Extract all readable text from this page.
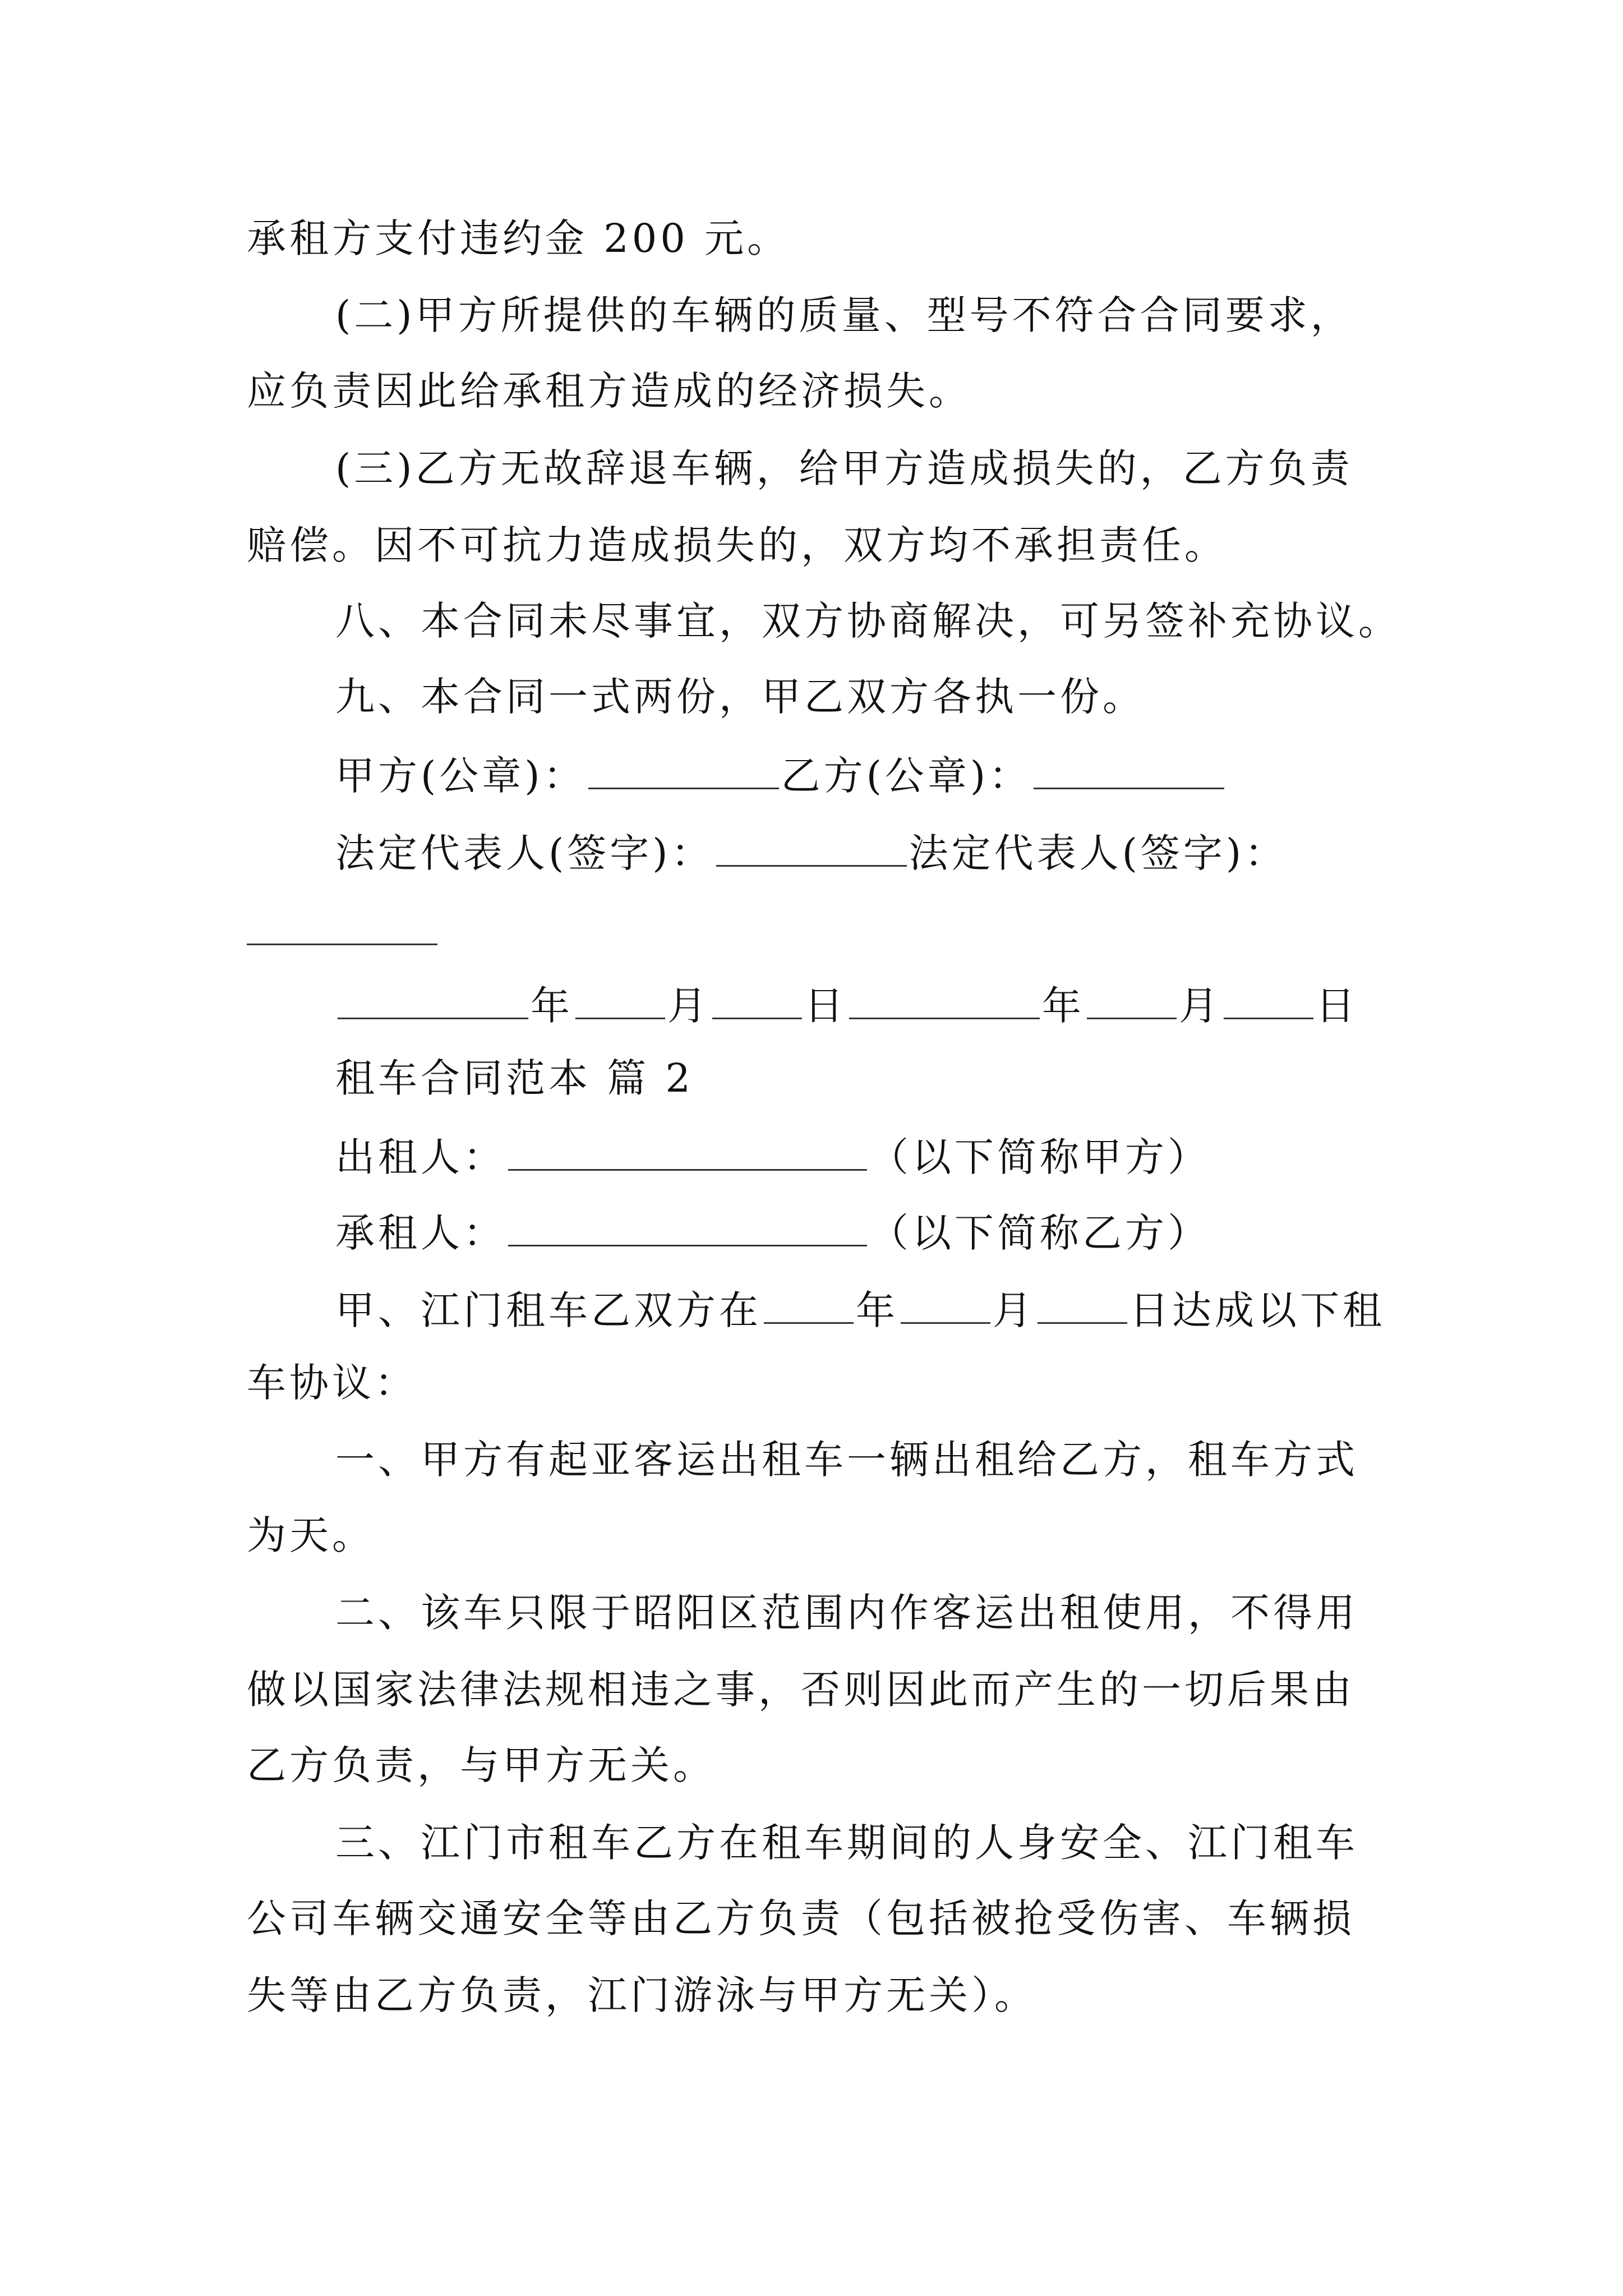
承租方支付违约金 200 元。
(二)甲方所提供的车辆的质量、型号不符合合同要求，
应负责因此给承租方造成的经济损失。
(三)乙方无故辞退车辆，给甲方造成损失的，乙方负责
赔偿。因不可抗力造成损失的，双方均不承担责任。
八、本合同未尽事宜，双方协商解决，可另签补充协议。
九、本合同一式两份，甲乙双方各执一份。
甲方(公章)：	乙方(公章)：
法定代表人(签字)：	法定代表人(签字)：
年 月 日	年 月 日
租车合同范本 篇 2
出租人：	（以下简称甲方）
承租人：	（以下简称乙方）
甲、江门租车乙双方在 年 月 日达成以下租
车协议：
一、甲方有起亚客运出租车一辆出租给乙方，租车方式
为天。
二、该车只限于昭阳区范围内作客运出租使用，不得用
做以国家法律法规相违之事，否则因此而产生的一切后果由
乙方负责，与甲方无关。
三、江门市租车乙方在租车期间的人身安全、江门租车
公司车辆交通安全等由乙方负责（包括被抢受伤害、车辆损
失等由乙方负责，江门游泳与甲方无关）。
